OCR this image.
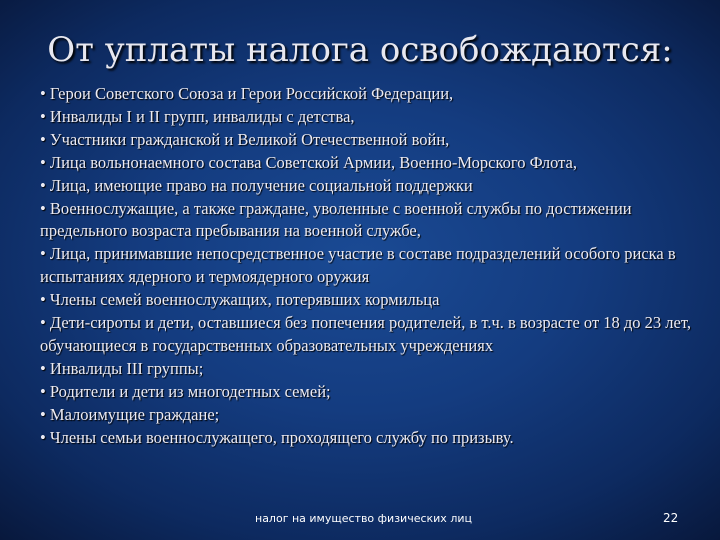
От уплаты налога освобождаются:
• Герои Советского Союза и Герои Российской Федерации,
• Инвалиды I и II групп, инвалиды с детства,
• Участники гражданской и Великой Отечественной войн,
• Лица вольнонаемного состава Советской Армии, Военно-Морского Флота,
• Лица, имеющие право на получение социальной поддержки
• Военнослужащие, а также граждане, уволенные с военной службы по достижении предельного возраста пребывания на военной службе,
• Лица, принимавшие непосредственное участие в составе подразделений особого риска в испытаниях ядерного и термоядерного оружия
• Члены семей военнослужащих, потерявших кормильца
• Дети-сироты и дети, оставшиеся без попечения родителей, в т.ч. в возрасте от 18 до 23 лет, обучающиеся в государственных образовательных учреждениях
• Инвалиды III группы;
• Родители и дети из многодетных семей;
• Малоимущие граждане;
• Члены семьи военнослужащего, проходящего службу по призыву.
налог на имущество физических лиц	22
